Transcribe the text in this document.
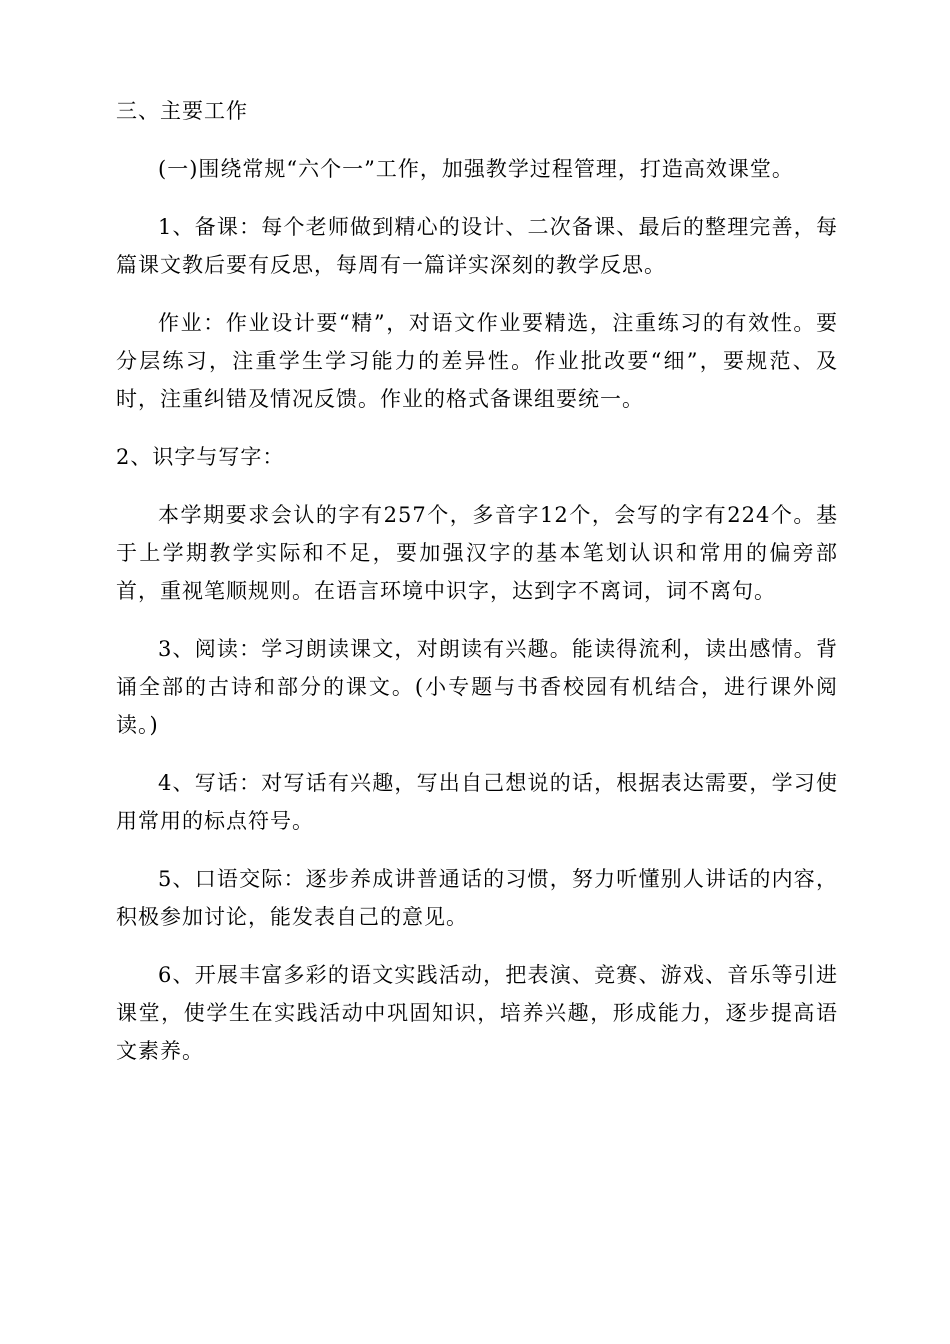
三、主要工作

(一)围绕常规“六个一”工作，加强教学过程管理，打造高效课堂。

1、备课：每个老师做到精心的设计、二次备课、最后的整理完善，每篇课文教后要有反思，每周有一篇详实深刻的教学反思。

作业：作业设计要“精”，对语文作业要精选，注重练习的有效性。要分层练习，注重学生学习能力的差异性。作业批改要“细”，要规范、及时，注重纠错及情况反馈。作业的格式备课组要统一。

2、识字与写字：

本学期要求会认的字有257个，多音字12个，会写的字有224个。基于上学期教学实际和不足，要加强汉字的基本笔划认识和常用的偏旁部首，重视笔顺规则。在语言环境中识字，达到字不离词，词不离句。

3、阅读：学习朗读课文，对朗读有兴趣。能读得流利，读出感情。背诵全部的古诗和部分的课文。(小专题与书香校园有机结合，进行课外阅读。)

4、写话：对写话有兴趣，写出自己想说的话，根据表达需要，学习使用常用的标点符号。

5、口语交际：逐步养成讲普通话的习惯，努力听懂别人讲话的内容，积极参加讨论，能发表自己的意见。

6、开展丰富多彩的语文实践活动，把表演、竞赛、游戏、音乐等引进课堂，使学生在实践活动中巩固知识，培养兴趣，形成能力，逐步提高语文素养。
